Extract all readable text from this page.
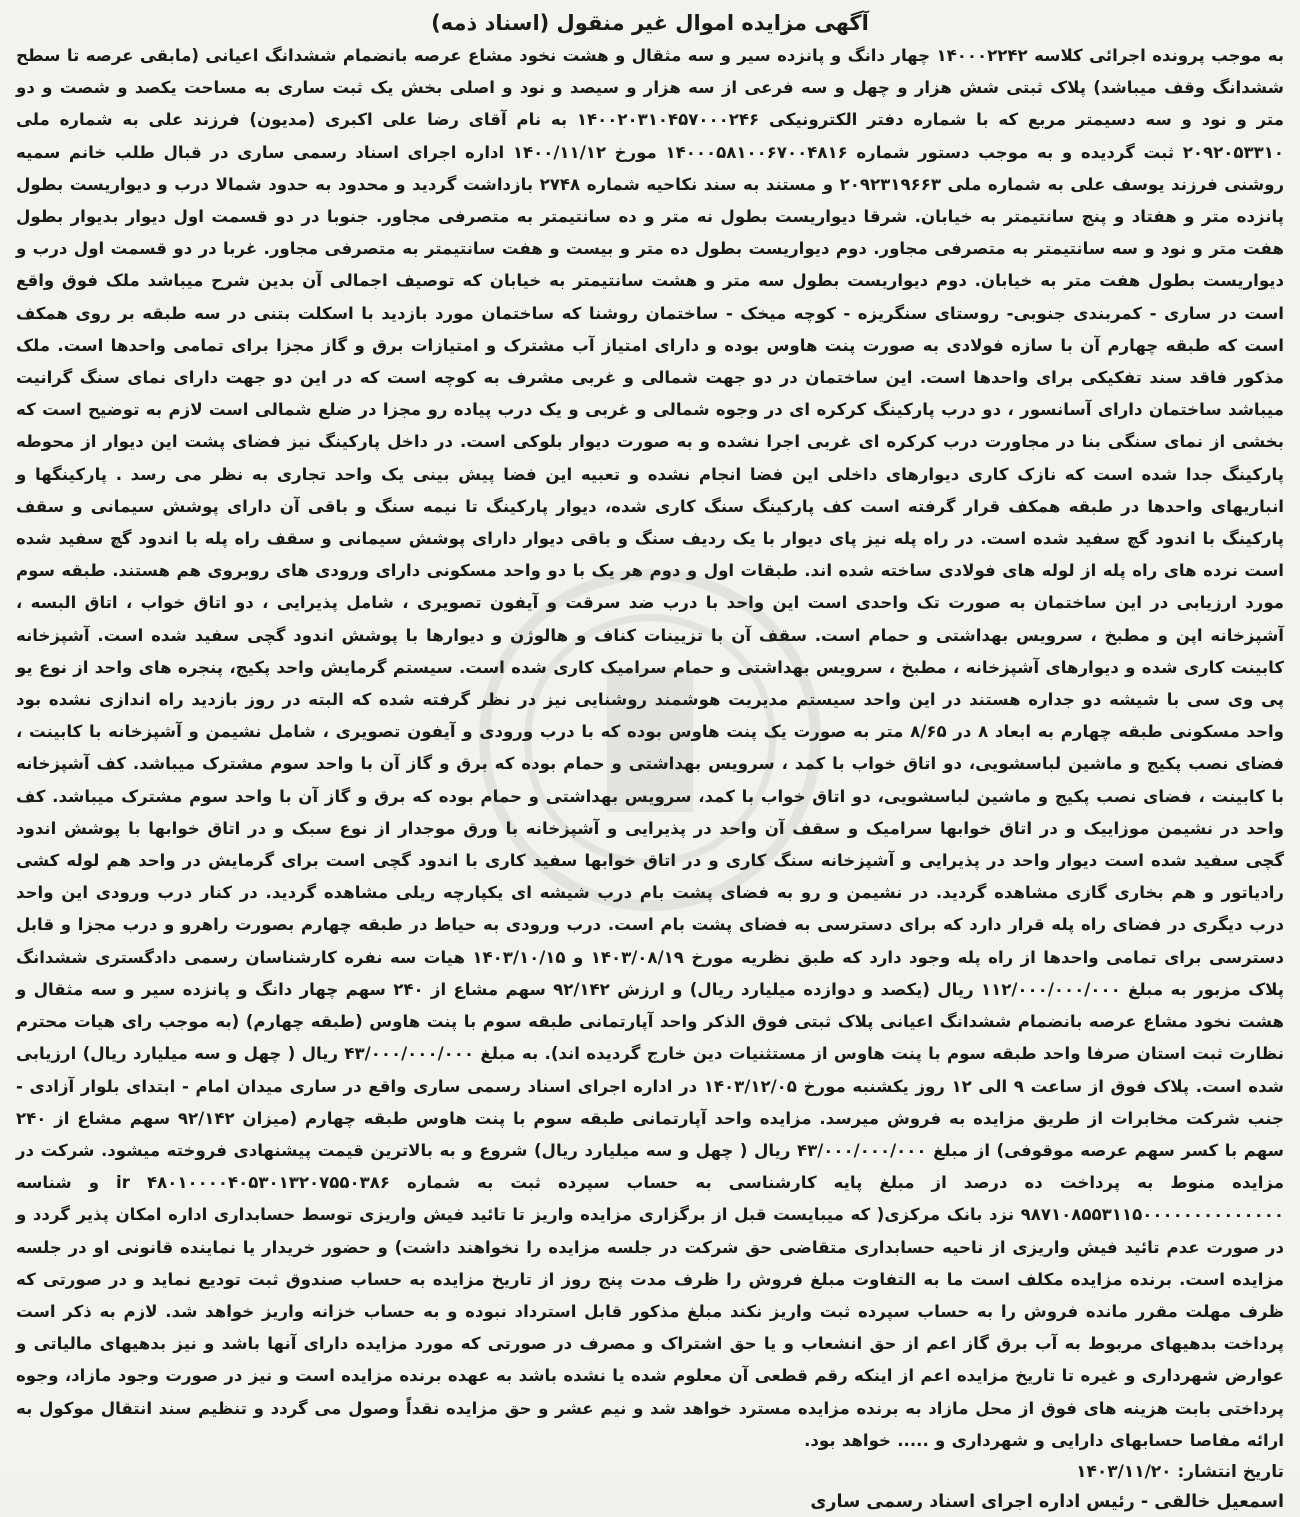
آگهی مزایده اموال غیر منقول (اسناد ذمه)

به موجب پرونده اجرائی کلاسه ۱۴۰۰۰۲۲۴۲ چهار دانگ و پانزده سیر و سه مثقال و هشت نخود مشاع عرصه بانضمام ششدانگ اعیانی (مابقی عرصه تا سطح ششدانگ وقف میباشد) پلاک ثبتی شش هزار و چهل و سه فرعی از سه هزار و سیصد و نود و اصلی بخش یک ثبت ساری به مساحت یکصد و شصت و دو متر و نود و سه دسیمتر مربع که با شماره دفتر الکترونیکی ۱۴۰۰۲۰۳۱۰۴۵۷۰۰۰۲۴۶ به نام آقای رضا علی اکبری (مدیون) فرزند علی به شماره ملی ۲۰۹۲۰۵۳۳۱۰ ثبت گردیده و به موجب دستور شماره ۱۴۰۰۰۵۸۱۰۰۶۷۰۰۴۸۱۶ مورخ ۱۴۰۰/۱۱/۱۲ اداره اجرای اسناد رسمی ساری در قبال طلب خانم سمیه روشنی فرزند یوسف علی به شماره ملی ۲۰۹۲۳۱۹۶۶۳ و مستند به سند نکاحیه شماره ۲۷۴۸ بازداشت گردید و محدود به حدود شمالا درب و دیواریست بطول پانزده متر و هفتاد و پنج سانتیمتر به خیابان. شرقا دیواریست بطول نه متر و ده سانتیمتر به متصرفی مجاور. جنوبا در دو قسمت اول دیوار بدیوار بطول هفت متر و نود و سه سانتیمتر به متصرفی مجاور. دوم دیواریست بطول ده متر و بیست و هفت سانتیمتر به متصرفی مجاور. غربا در دو قسمت اول درب و دیواریست بطول هفت متر به خیابان. دوم دیواریست بطول سه متر و هشت سانتیمتر به خیابان که توصیف اجمالی آن بدین شرح میباشد ملک فوق واقع است در ساری - کمربندی جنوبی- روستای سنگریزه - کوچه میخک - ساختمان روشنا که ساختمان مورد بازدید با اسکلت بتنی در سه طبقه بر روی همکف است که طبقه چهارم آن با سازه فولادی به صورت پنت هاوس بوده و دارای امتیاز آب مشترک و امتیازات برق و گاز مجزا برای تمامی واحدها است. ملک مذکور فاقد سند تفکیکی برای واحدها است. این ساختمان در دو جهت شمالی و غربی مشرف به کوچه است که در این دو جهت دارای نمای سنگ گرانیت میباشد ساختمان دارای آسانسور ، دو درب پارکینگ کرکره ای در وجوه شمالی و غربی و یک درب پیاده رو مجزا در ضلع شمالی است لازم به توضیح است که بخشی از نمای سنگی بنا در مجاورت درب کرکره ای غربی اجرا نشده و به صورت دیوار بلوکی است. در داخل پارکینگ نیز فضای پشت این دیوار از محوطه پارکینگ جدا شده است که نازک کاری دیوارهای داخلی این فضا انجام نشده و تعبیه این فضا پیش بینی یک واحد تجاری به نظر می رسد . پارکینگها و انباریهای واحدها در طبقه همکف قرار گرفته است کف پارکینگ سنگ کاری شده، دیوار پارکینگ تا نیمه سنگ و باقی آن دارای پوشش سیمانی و سقف پارکینگ با اندود گچ سفید شده است. در راه پله نیز پای دیوار با یک ردیف سنگ و باقی دیوار دارای پوشش سیمانی و سقف راه پله با اندود گچ سفید شده است نرده های راه پله از لوله های فولادی ساخته شده اند. طبقات اول و دوم هر یک با دو واحد مسکونی دارای ورودی های روبروی هم هستند. طبقه سوم مورد ارزیابی در این ساختمان به صورت تک واحدی است این واحد با درب ضد سرقت و آیفون تصویری ، شامل پذیرایی ، دو اتاق خواب ، اتاق البسه ، آشپزخانه اپن و مطبخ ، سرویس بهداشتی و حمام است. سقف آن با تزیینات کناف و هالوژن و دیوارها با پوشش اندود گچی سفید شده است. آشپزخانه کابینت کاری شده و دیوارهای آشپزخانه ، مطبخ ، سرویس بهداشتی و حمام سرامیک کاری شده است. سیستم گرمایش واحد پکیج، پنجره های واحد از نوع یو پی وی سی با شیشه دو جداره هستند در این واحد سیستم مدیریت هوشمند روشنایی نیز در نظر گرفته شده که البته در روز بازدید راه اندازی نشده بود واحد مسکونی طبقه چهارم به ابعاد ۸ در ۸/۶۵ متر به صورت یک پنت هاوس بوده که با درب ورودی و آیفون تصویری ، شامل نشیمن و آشپزخانه با کابینت ، فضای نصب پکیج و ماشین لباسشویی، دو اتاق خواب با کمد ، سرویس بهداشتی و حمام بوده که برق و گاز آن با واحد سوم مشترک میباشد. کف آشپزخانه با کابینت ، فضای نصب پکیج و ماشین لباسشویی، دو اتاق خواب با کمد، سرویس بهداشتی و حمام بوده که برق و گاز آن با واحد سوم مشترک میباشد. کف واحد در نشیمن موزاییک و در اتاق خوابها سرامیک و سقف آن واحد در پذیرایی و آشپزخانه با ورق موجدار از نوع سبک و در اتاق خوابها با پوشش اندود گچی سفید شده است دیوار واحد در پذیرایی و آشپزخانه سنگ کاری و در اتاق خوابها سفید کاری با اندود گچی است برای گرمایش در واحد هم لوله کشی رادیاتور و هم بخاری گازی مشاهده گردید. در نشیمن و رو به فضای پشت بام درب شیشه ای یکپارچه ریلی مشاهده گردید. در کنار درب ورودی این واحد درب دیگری در فضای راه پله قرار دارد که برای دسترسی به فضای پشت بام است. درب ورودی به حیاط در طبقه چهارم بصورت راهرو و درب مجزا و قابل دسترسی برای تمامی واحدها از راه پله وجود دارد که طبق نظریه مورخ ۱۴۰۳/۰۸/۱۹ و ۱۴۰۳/۱۰/۱۵ هیات سه نفره کارشناسان رسمی دادگستری ششدانگ پلاک مزبور به مبلغ ۱۱۲/۰۰۰/۰۰۰/۰۰۰ ریال (یکصد و دوازده میلیارد ریال) و ارزش ۹۲/۱۴۲ سهم مشاع از ۲۴۰ سهم چهار دانگ و پانزده سیر و سه مثقال و هشت نخود مشاع عرصه بانضمام ششدانگ اعیانی پلاک ثبتی فوق الذکر واحد آپارتمانی طبقه سوم با پنت هاوس (طبقه چهارم) (به موجب رای هیات محترم نظارت ثبت استان صرفا واحد طبقه سوم با پنت هاوس از مستثنیات دین خارج گردیده اند). به مبلغ ۴۳/۰۰۰/۰۰۰/۰۰۰ ریال ( چهل و سه میلیارد ریال) ارزیابی شده است. پلاک فوق از ساعت ۹ الی ۱۲ روز یکشنبه مورخ ۱۴۰۳/۱۲/۰۵ در اداره اجرای اسناد رسمی ساری واقع در ساری میدان امام - ابتدای بلوار آزادی - جنب شرکت مخابرات از طریق مزایده به فروش میرسد. مزایده واحد آپارتمانی طبقه سوم با پنت هاوس طبقه چهارم (میزان ۹۲/۱۴۲ سهم مشاع از ۲۴۰ سهم با کسر سهم عرصه موقوفی) از مبلغ ۴۳/۰۰۰/۰۰۰/۰۰۰ ریال ( چهل و سه میلیارد ریال) شروع و به بالاترین قیمت پیشنهادی فروخته میشود. شرکت در مزایده منوط به پرداخت ده درصد از مبلغ پایه کارشناسی به حساب سپرده ثبت به شماره ۴۸۰۱۰۰۰۰۴۰۵۳۰۱۳۲۰۷۵۵۰۳۸۶ ir و شناسه ۹۸۷۱۰۸۵۵۳۱۱۵۰۰۰۰۰۰۰۰۰۰۰۰۰۰ نزد بانک مرکزی( که میبایست قبل از برگزاری مزایده واریز تا تائید فیش واریزی توسط حسابداری اداره امکان پذیر گردد و در صورت عدم تائید فیش واریزی از ناحیه حسابداری متقاضی حق شرکت در جلسه مزایده را نخواهند داشت) و حضور خریدار یا نماینده قانونی او در جلسه مزایده است. برنده مزایده مکلف است ما به التفاوت مبلغ فروش را ظرف مدت پنج روز از تاریخ مزایده به حساب صندوق ثبت تودیع نماید و در صورتی که ظرف مهلت مقرر مانده فروش را به حساب سپرده ثبت واریز نکند مبلغ مذکور قابل استرداد نبوده و به حساب خزانه واریز خواهد شد. لازم به ذکر است پرداخت بدهیهای مربوط به آب برق گاز اعم از حق انشعاب و یا حق اشتراک و مصرف در صورتی که مورد مزایده دارای آنها باشد و نیز بدهیهای مالیاتی و عوارض شهرداری و غیره تا تاریخ مزایده اعم از اینکه رقم قطعی آن معلوم شده یا نشده باشد به عهده برنده مزایده است و نیز در صورت وجود مازاد، وجوه پرداختی بابت هزینه های فوق از محل مازاد به برنده مزایده مسترد خواهد شد و نیم عشر و حق مزایده نقداً وصول می گردد و تنظیم سند انتقال موکول به ارائه مفاصا حسابهای دارایی و شهرداری و ..... خواهد بود.

تاریخ انتشار: ۱۴۰۳/۱۱/۲۰
اسمعیل خالقی - رئیس اداره اجرای اسناد رسمی ساری
